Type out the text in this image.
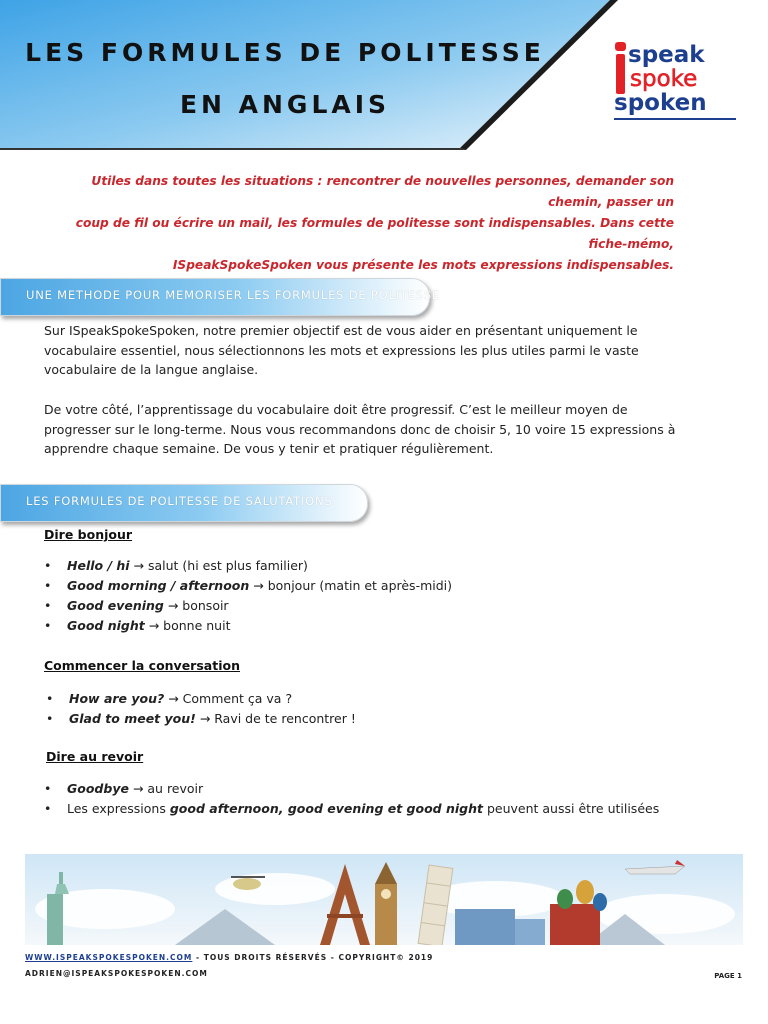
LES FORMULES DE POLITESSE
EN ANGLAIS
speak
spoke
spoken
Utiles dans toutes les situations : rencontrer de nouvelles personnes, demander son chemin, passer un
coup de fil ou écrire un mail, les formules de politesse sont indispensables. Dans cette fiche-mémo,
ISpeakSpokeSpoken vous présente les mots expressions indispensables.
UNE METHODE POUR MEMORISER LES FORMULES DE POLITESSE
Sur ISpeakSpokeSpoken, notre premier objectif est de vous aider en présentant uniquement le
vocabulaire essentiel, nous sélectionnons les mots et expressions les plus utiles parmi le vaste
vocabulaire de la langue anglaise.
De votre côté, l’apprentissage du vocabulaire doit être progressif. C’est le meilleur moyen de
progresser sur le long-terme. Nous vous recommandons donc de choisir 5, 10 voire 15 expressions à
apprendre chaque semaine. De vous y tenir et pratiquer régulièrement.
LES FORMULES DE POLITESSE DE SALUTATIONS
Dire bonjour
• Hello / hi → salut (hi est plus familier)
• Good morning / afternoon → bonjour (matin et après-midi)
• Good evening → bonsoir
• Good night → bonne nuit
Commencer la conversation
• How are you? → Comment ça va ?
• Glad to meet you! → Ravi de te rencontrer !
Dire au revoir
• Goodbye → au revoir
• Les expressions good afternoon, good evening et good night peuvent aussi être utilisées
WWW.ISPEAKSPOKESPOKEN.COM - TOUS DROITS RÉSERVÉS - COPYRIGHT© 2019
ADRIEN@ISPEAKSPOKESPOKEN.COM	PAGE 1
